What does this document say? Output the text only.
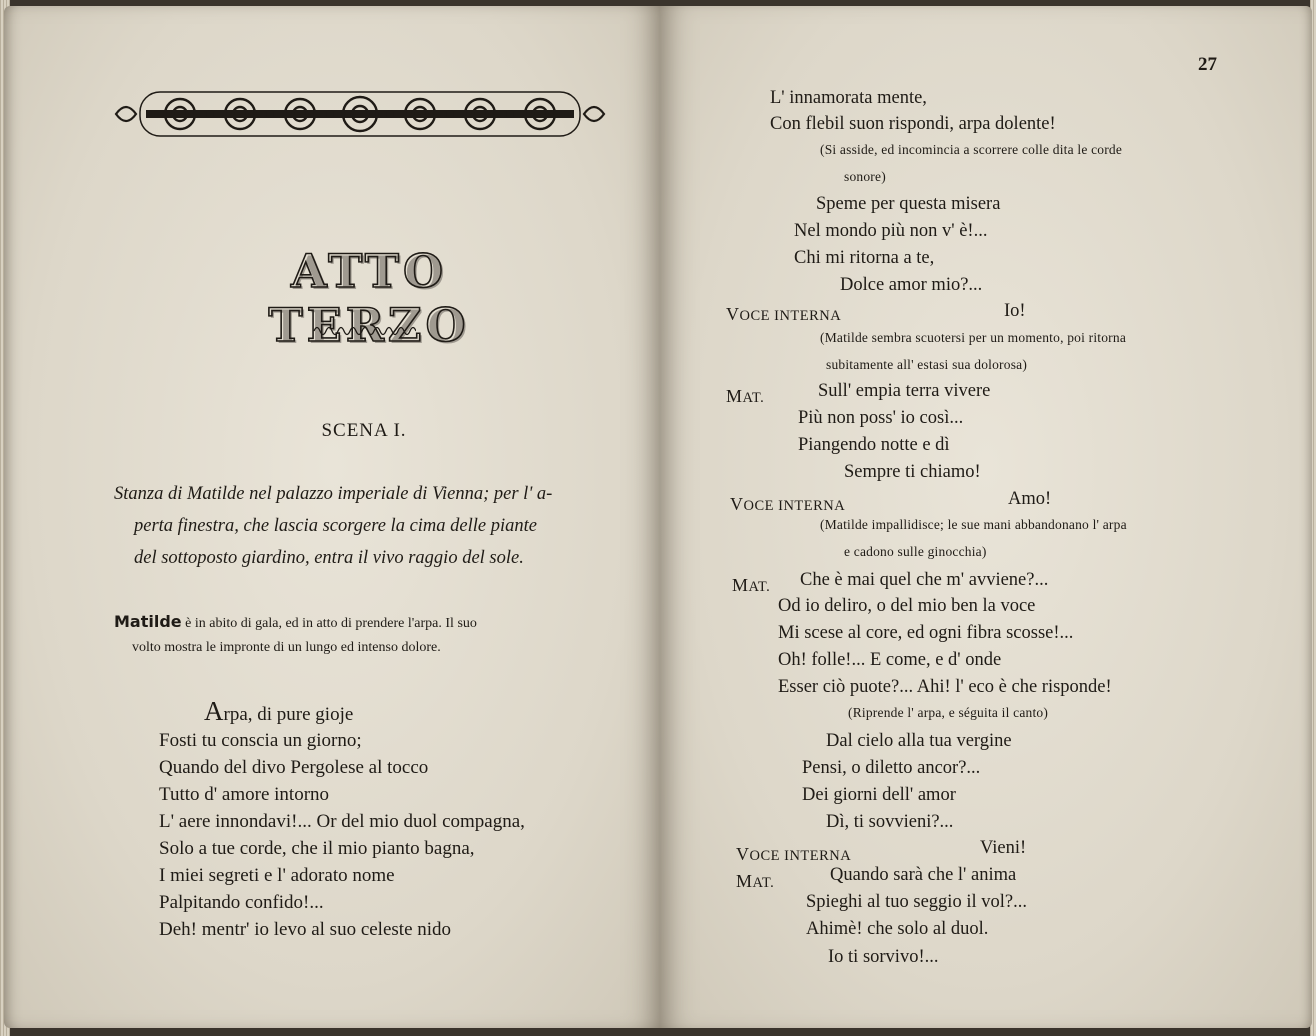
ATTO TERZO
SCENA I.
Stanza di Matilde nel palazzo imperiale di Vienna; per l' a-
perta finestra, che lascia scorgere la cima delle piante
del sottoposto giardino, entra il vivo raggio del sole.
Matilde è in abito di gala, ed in atto di prendere l'arpa. Il suo
volto mostra le impronte di un lungo ed intenso dolore.
Arpa, di pure gioje
Fosti tu conscia un giorno;
Quando del divo Pergolese al tocco
Tutto d' amore intorno
L' aere innondavi!... Or del mio duol compagna,
Solo a tue corde, che il mio pianto bagna,
I miei segreti e l' adorato nome
Palpitando confido!...
Deh! mentr' io levo al suo celeste nido
27
L' innamorata mente,
Con flebil suon rispondi, arpa dolente!
(Si asside, ed incomincia a scorrere colle dita le corde
sonore)
Speme per questa misera
Nel mondo più non v' è!...
Chi mi ritorna a te,
Dolce amor mio?...
VOCE INTERNA	Io!
(Matilde sembra scuotersi per un momento, poi ritorna
subitamente all' estasi sua dolorosa)
MAT.	Sull' empia terra vivere
Più non poss' io così...
Piangendo notte e dì
Sempre ti chiamo!
VOCE INTERNA	Amo!
(Matilde impallidisce; le sue mani abbandonano l' arpa
e cadono sulle ginocchia)
MAT. Che è mai quel che m' avviene?...
Od io deliro, o del mio ben la voce
Mi scese al core, ed ogni fibra scosse!...
Oh! folle!... E come, e d' onde
Esser ciò puote?... Ahi! l' eco è che risponde!
(Riprende l' arpa, e séguita il canto)
Dal cielo alla tua vergine
Pensi, o diletto ancor?...
Dei giorni dell' amor
Dì, ti sovvieni?...
VOCE INTERNA	Vieni!
MAT.	Quando sarà che l' anima
Spieghi al tuo seggio il vol?...
Ahimè! che solo al duol.
Io ti sorvivo!...
